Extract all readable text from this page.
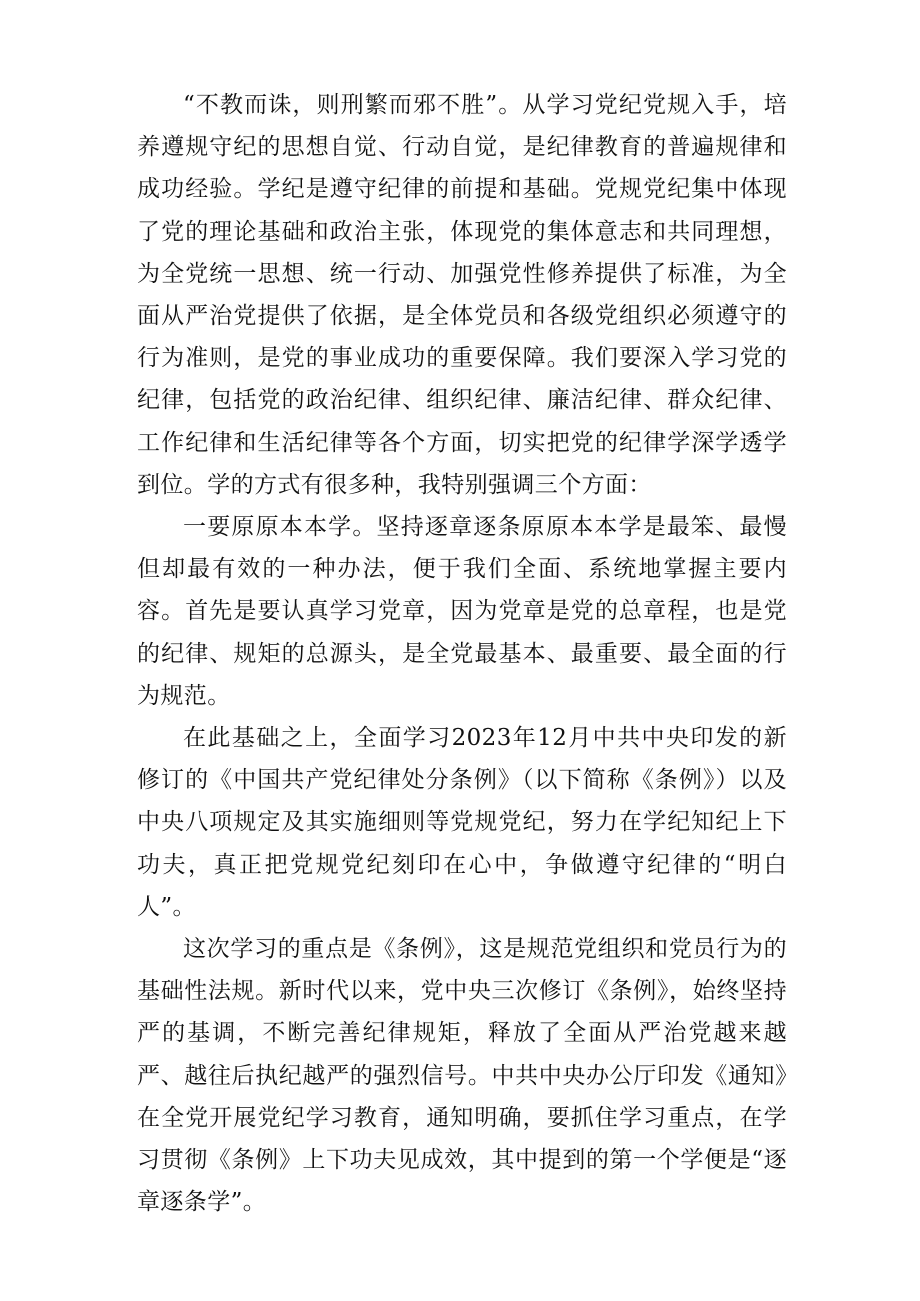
“不教而诛，则刑繁而邪不胜”。从学习党纪党规入手，培养遵规守纪的思想自觉、行动自觉，是纪律教育的普遍规律和成功经验。学纪是遵守纪律的前提和基础。党规党纪集中体现了党的理论基础和政治主张，体现党的集体意志和共同理想，为全党统一思想、统一行动、加强党性修养提供了标准，为全面从严治党提供了依据，是全体党员和各级党组织必须遵守的行为准则，是党的事业成功的重要保障。我们要深入学习党的纪律，包括党的政治纪律、组织纪律、廉洁纪律、群众纪律、工作纪律和生活纪律等各个方面，切实把党的纪律学深学透学到位。学的方式有很多种，我特别强调三个方面：

一要原原本本学。坚持逐章逐条原原本本学是最笨、最慢但却最有效的一种办法，便于我们全面、系统地掌握主要内容。首先是要认真学习党章，因为党章是党的总章程，也是党的纪律、规矩的总源头，是全党最基本、最重要、最全面的行为规范。

在此基础之上，全面学习2023年12月中共中央印发的新修订的《中国共产党纪律处分条例》（以下简称《条例》）以及中央八项规定及其实施细则等党规党纪，努力在学纪知纪上下功夫，真正把党规党纪刻印在心中，争做遵守纪律的“明白人”。

这次学习的重点是《条例》，这是规范党组织和党员行为的基础性法规。新时代以来，党中央三次修订《条例》，始终坚持严的基调，不断完善纪律规矩，释放了全面从严治党越来越严、越往后执纪越严的强烈信号。中共中央办公厅印发《通知》在全党开展党纪学习教育，通知明确，要抓住学习重点，在学习贯彻《条例》上下功夫见成效，其中提到的第一个学便是“逐章逐条学”。
